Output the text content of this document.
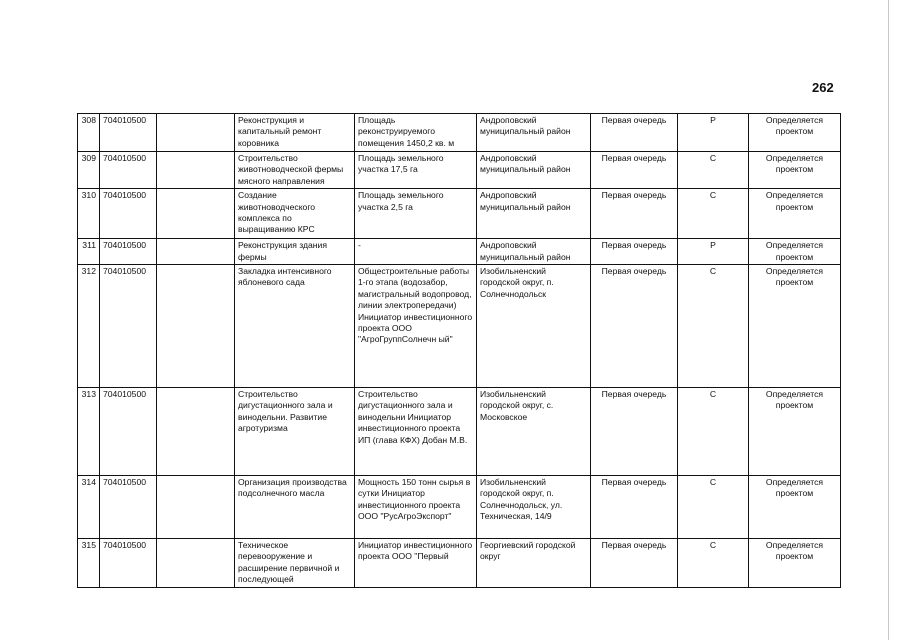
262
308	704010500		Реконструкция и капитальный ремонт коровника	Площадь реконструируемого помещения 1450,2 кв. м	Андроповский муниципальный район	Первая очередь	Р	Определяется проектом
309	704010500		Строительство животноводческой фермы мясного направления	Площадь земельного участка 17,5 га	Андроповский муниципальный район	Первая очередь	С	Определяется проектом
310	704010500		Создание животноводческого комплекса по выращиванию КРС	Площадь земельного участка 2,5 га	Андроповский муниципальный район	Первая очередь	С	Определяется проектом
311	704010500		Реконструкция здания фермы	-	Андроповский муниципальный район	Первая очередь	Р	Определяется проектом
312	704010500		Закладка интенсивного яблоневого сада	Общестроительные работы 1-го этапа (водозабор, магистральный водопровод, линии электропередачи) Инициатор инвестиционного проекта ООО "АгроГруппСолнечн ый"	Изобильненский городской округ, п. Солнечнодольск	Первая очередь	С	Определяется проектом
313	704010500		Строительство дигустационного зала и винодельни. Развитие агротуризма	Строительство дигустационного зала и винодельни Инициатор инвестиционного проекта ИП (глава КФХ) Добан М.В.	Изобильненский городской округ, с. Московское	Первая очередь	С	Определяется проектом
314	704010500		Организация производства подсолнечного масла	Мощность 150 тонн сырья в сутки Инициатор инвестиционного проекта ООО "РусАгроЭкспорт"	Изобильненский городской округ, п. Солнечнодольск, ул. Техническая, 14/9	Первая очередь	С	Определяется проектом
315	704010500		Техническое перевооружение и расширение первичной и последующей	Инициатор инвестиционного проекта ООО "Первый	Георгиевский городской округ	Первая очередь	С	Определяется проектом
